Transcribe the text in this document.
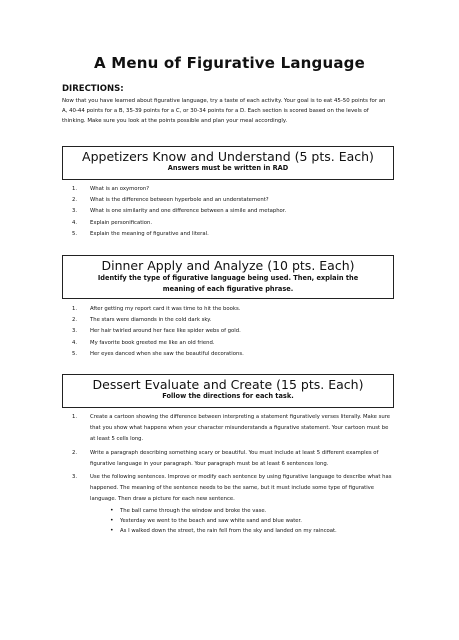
A Menu of Figurative Language
DIRECTIONS:
Now that you have learned about figurative language, try a taste of each activity. Your goal is to eat 45-50 points for an A, 40-44 points for a B, 35-39 points for a C, or 30-34 points for a D. Each section is scored based on the levels of thinking. Make sure you look at the points possible and plan your meal accordingly.
Appetizers Know and Understand (5 pts. Each)
Answers must be written in RAD
1. What is an oxymoron?
2. What is the difference between hyperbole and an understatement?
3. What is one similarity and one difference between a simile and metaphor.
4. Explain personification.
5. Explain the meaning of figurative and literal.
Dinner Apply and Analyze (10 pts. Each)
Identify the type of figurative language being used. Then, explain the
meaning of each figurative phrase.
1. After getting my report card it was time to hit the books.
2. The stars were diamonds in the cold dark sky.
3. Her hair twirled around her face like spider webs of gold.
4. My favorite book greeted me like an old friend.
5. Her eyes danced when she saw the beautiful decorations.
Dessert Evaluate and Create (15 pts. Each)
Follow the directions for each task.
1. Create a cartoon showing the difference between interpreting a statement figuratively verses literally. Make sure that you show what happens when your character misunderstands a figurative statement. Your cartoon must be at least 5 cells long.
2. Write a paragraph describing something scary or beautiful. You must include at least 5 different examples of figurative language in your paragraph. Your paragraph must be at least 6 sentences long.
3. Use the following sentences. Improve or modify each sentence by using figurative language to describe what has happened. The meaning of the sentence needs to be the same, but it must include some type of figurative language. Then draw a picture for each new sentence.
• The ball came through the window and broke the vase.
• Yesterday we went to the beach and saw white sand and blue water.
• As I walked down the street, the rain fell from the sky and landed on my raincoat.
